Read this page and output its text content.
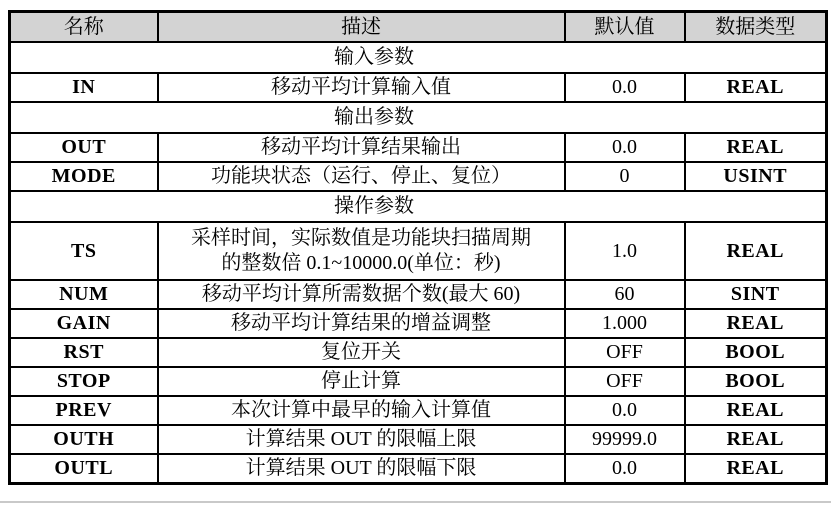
名称	描述	默认值	数据类型
输入参数			
IN	移动平均计算输入值	0.0	REAL
输出参数			
OUT	移动平均计算结果输出	0.0	REAL
MODE	功能块状态（运行、停止、复位）	0	USINT
操作参数			
TS	采样时间，实际数值是功能块扫描周期
的整数倍 0.1~10000.0(单位：秒)	1.0	REAL
NUM	移动平均计算所需数据个数(最大 60)	60	SINT
GAIN	移动平均计算结果的增益调整	1.000	REAL
RST	复位开关	OFF	BOOL
STOP	停止计算	OFF	BOOL
PREV	本次计算中最早的输入计算值	0.0	REAL
OUTH	计算结果 OUT 的限幅上限	99999.0	REAL
OUTL	计算结果 OUT 的限幅下限	0.0	REAL
